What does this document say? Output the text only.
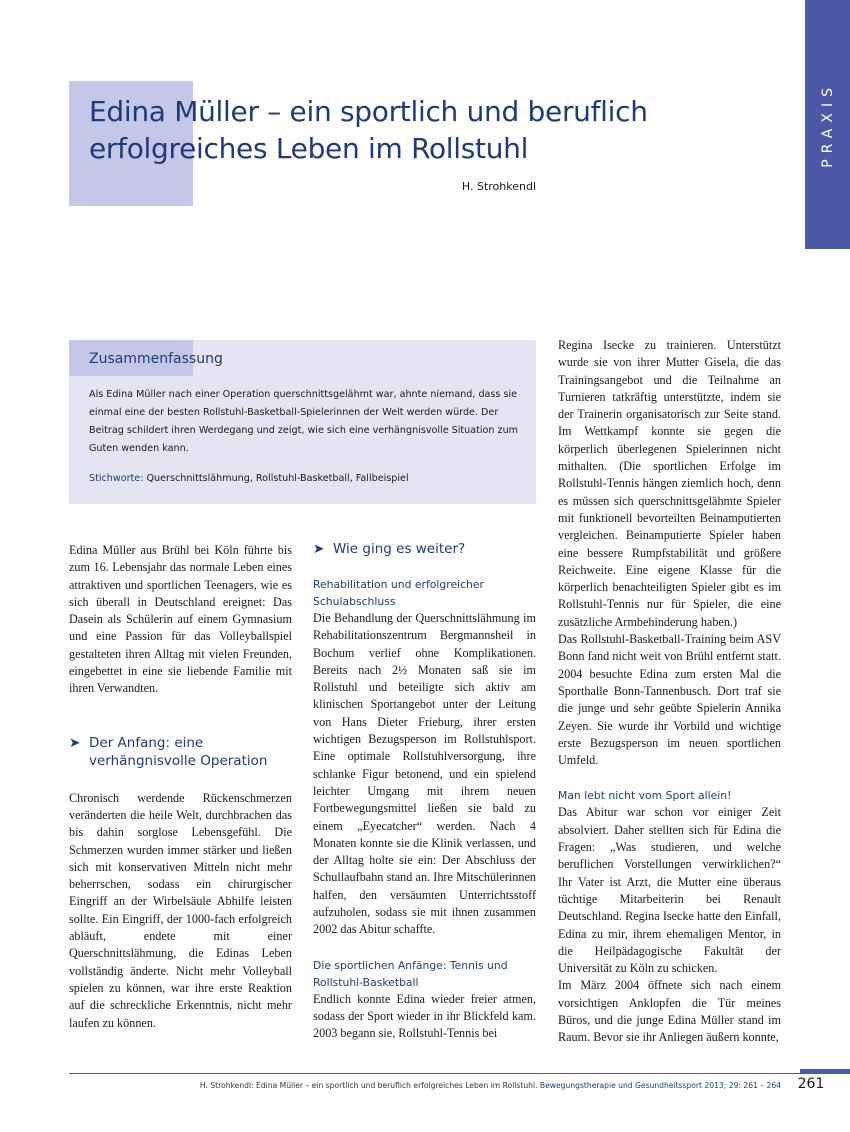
PRAXIS
Edina Müller – ein sportlich und beruflich erfolgreiches Leben im Rollstuhl
H. Strohkendl
Zusammenfassung

Als Edina Müller nach einer Operation querschnittsgelähmt war, ahnte niemand, dass sie einmal eine der besten Rollstuhl-Basketball-Spielerinnen der Welt werden würde. Der Beitrag schildert ihren Werdegang und zeigt, wie sich eine verhängnisvolle Situation zum Guten wenden kann.

Stichworte: Querschnittslähmung, Rollstuhl-Basketball, Fallbeispiel

Edina Müller aus Brühl bei Köln führte bis zum 16. Lebensjahr das normale Leben eines attraktiven und sportlichen Teenagers, wie es sich überall in Deutschland ereignet: Das Dasein als Schülerin auf einem Gymnasium und eine Passion für das Volleyballspiel gestalteten ihren Alltag mit vielen Freunden, eingebettet in eine sie liebende Familie mit ihren Verwandten.

➤ Der Anfang: eine verhängnisvolle Operation

Chronisch werdende Rückenschmerzen veränderten die heile Welt, durchbrachen das bis dahin sorglose Lebensgefühl. Die Schmerzen wurden immer stärker und ließen sich mit konservativen Mitteln nicht mehr beherrschen, sodass ein chirurgischer Eingriff an der Wirbelsäule Abhilfe leisten sollte. Ein Eingriff, der 1000-fach erfolgreich abläuft, endete mit einer Querschnittslähmung, die Edinas Leben vollständig änderte. Nicht mehr Volleyball spielen zu können, war ihre erste Reaktion auf die schreckliche Erkenntnis, nicht mehr laufen zu können.

➤ Wie ging es weiter?

Rehabilitation und erfolgreicher Schulabschluss

Die Behandlung der Querschnittslähmung im Rehabilitationszentrum Bergmannsheil in Bochum verlief ohne Komplikationen. Bereits nach 2½ Monaten saß sie im Rollstuhl und beteiligte sich aktiv am klinischen Sportangebot unter der Leitung von Hans Dieter Frieburg, ihrer ersten wichtigen Bezugsperson im Rollstuhlsport. Eine optimale Rollstuhlversorgung, ihre schlanke Figur betonend, und ein spielend leichter Umgang mit ihrem neuen Fortbewegungsmittel ließen sie bald zu einem „Eyecatcher“ werden. Nach 4 Monaten konnte sie die Klinik verlassen, und der Alltag holte sie ein: Der Abschluss der Schullaufbahn stand an. Ihre Mitschülerinnen halfen, den versäumten Unterrichtsstoff aufzuholen, sodass sie mit ihnen zusammen 2002 das Abitur schaffte.

Die sportlichen Anfänge: Tennis und Rollstuhl-Basketball

Endlich konnte Edina wieder freier atmen, sodass der Sport wieder in ihr Blickfeld kam. 2003 begann sie, Rollstuhl-Tennis bei

Regina Isecke zu trainieren. Unterstützt wurde sie von ihrer Mutter Gisela, die das Trainingsangebot und die Teilnahme an Turnieren tatkräftig unterstützte, indem sie der Trainerin organisatorisch zur Seite stand. Im Wettkampf konnte sie gegen die körperlich überlegenen Spielerinnen nicht mithalten. (Die sportlichen Erfolge im Rollstuhl-Tennis hängen ziemlich hoch, denn es müssen sich querschnittsgelähmte Spieler mit funktionell bevorteilten Beinamputierten vergleichen. Beinamputierte Spieler haben eine bessere Rumpfstabilität und größere Reichweite. Eine eigene Klasse für die körperlich benachteiligten Spieler gibt es im Rollstuhl-Tennis nur für Spieler, die eine zusätzliche Armbehinderung haben.)

Das Rollstuhl-Basketball-Training beim ASV Bonn fand nicht weit von Brühl entfernt statt. 2004 besuchte Edina zum ersten Mal die Sporthalle Bonn-Tannenbusch. Dort traf sie die junge und sehr geübte Spielerin Annika Zeyen. Sie wurde ihr Vorbild und wichtige erste Bezugsperson im neuen sportlichen Umfeld.

Man lebt nicht vom Sport allein!

Das Abitur war schon vor einiger Zeit absolviert. Daher stellten sich für Edina die Fragen: „Was studieren, und welche beruflichen Vorstellungen verwirklichen?“ Ihr Vater ist Arzt, die Mutter eine überaus tüchtige Mitarbeiterin bei Renault Deutschland. Regina Isecke hatte den Einfall, Edina zu mir, ihrem ehemaligen Mentor, in die Heilpädagogische Fakultät der Universität zu Köln zu schicken.

Im März 2004 öffnete sich nach einem vorsichtigen Anklopfen die Tür meines Büros, und die junge Edina Müller stand im Raum. Bevor sie ihr Anliegen äußern konnte,

H. Strohkendl: Edina Müller – ein sportlich und beruflich erfolgreiches Leben im Rollstuhl. Bewegungstherapie und Gesundheitssport 2013; 29: 261 – 264	261
